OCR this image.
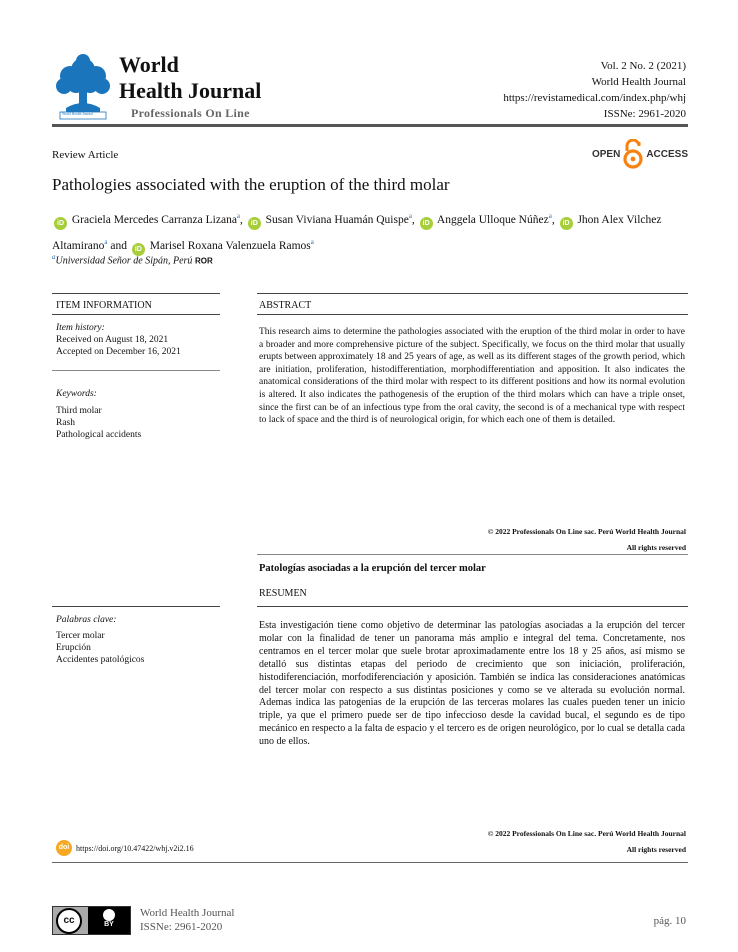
World Health Journal
World
Health Journal
Professionals On Line
Vol. 2 No. 2 (2021)
World Health Journal
https://revistamedical.com/index.php/whj
ISSNe: 2961-2020
Review Article	OPEN	ACCESS
Pathologies associated with the eruption of the third molar
iD Graciela Mercedes Carranza Lizana$^a$, iD Susan Viviana Huamán Quispe$^a$, iD Anggela Ulloque Núñez$^a$, iD Jhon Alex Vilchez Altamirano$^a$ and iD Marisel Roxana Valenzuela Ramos$^a$
$^a$Universidad Señor de Sipán, Perú ROR
ITEM INFORMATION	ABSTRACT
Item history:
Received on August 18, 2021
Accepted on December 16, 2021
Keywords:
Third molar
Rash
Pathological accidents
This research aims to determine the pathologies associated with the eruption of the third molar in order to have a broader and more comprehensive picture of the subject. Specifically, we focus on the third molar that usually erupts between approximately 18 and 25 years of age, as well as its different stages of the growth period, which are initiation, proliferation, histodifferentiation, morphodifferentiation and apposition. It also indicates the anatomical considerations of the third molar with respect to its different positions and how its normal evolution is altered. It also indicates the pathogenesis of the eruption of the third molars which can have a triple onset, since the first can be of an infectious type from the oral cavity, the second is of a mechanical type with respect to lack of space and the third is of neurological origin, for which each one of them is detailed.
© 2022 Professionals On Line sac. Perú World Health Journal
All rights reserved
Patologías asociadas a la erupción del tercer molar
RESUMEN
Palabras clave:
Tercer molar
Erupción
Accidentes patológicos
Esta investigación tiene como objetivo de determinar las patologías asociadas a la erupción del tercer molar con la finalidad de tener un panorama más amplio e integral del tema. Concretamente, nos centramos en el tercer molar que suele brotar aproximadamente entre los 18 y 25 años, así mismo se detalló sus distintas etapas del periodo de crecimiento que son iniciación, proliferación, histodiferenciación, morfodiferenciación y aposición. También se indica las consideraciones anatómicas del tercer molar con respecto a sus distintas posiciones y como se ve alterada su evolución normal. Ademas indica las patogenias de la erupción de las terceras molares las cuales pueden tener un inicio triple, ya que el primero puede ser de tipo infeccioso desde la cavidad bucal, el segundo es de tipo mecánico en respecto a la falta de espacio y el tercero es de origen neurológico, por lo cual se detalla cada uno de ellos.
© 2022 Professionals On Line sac. Perú World Health Journal
All rights reserved
doi https://doi.org/10.47422/whj.v2i2.16
cc	BY
World Health Journal
ISSNe: 2961-2020	pág. 10
